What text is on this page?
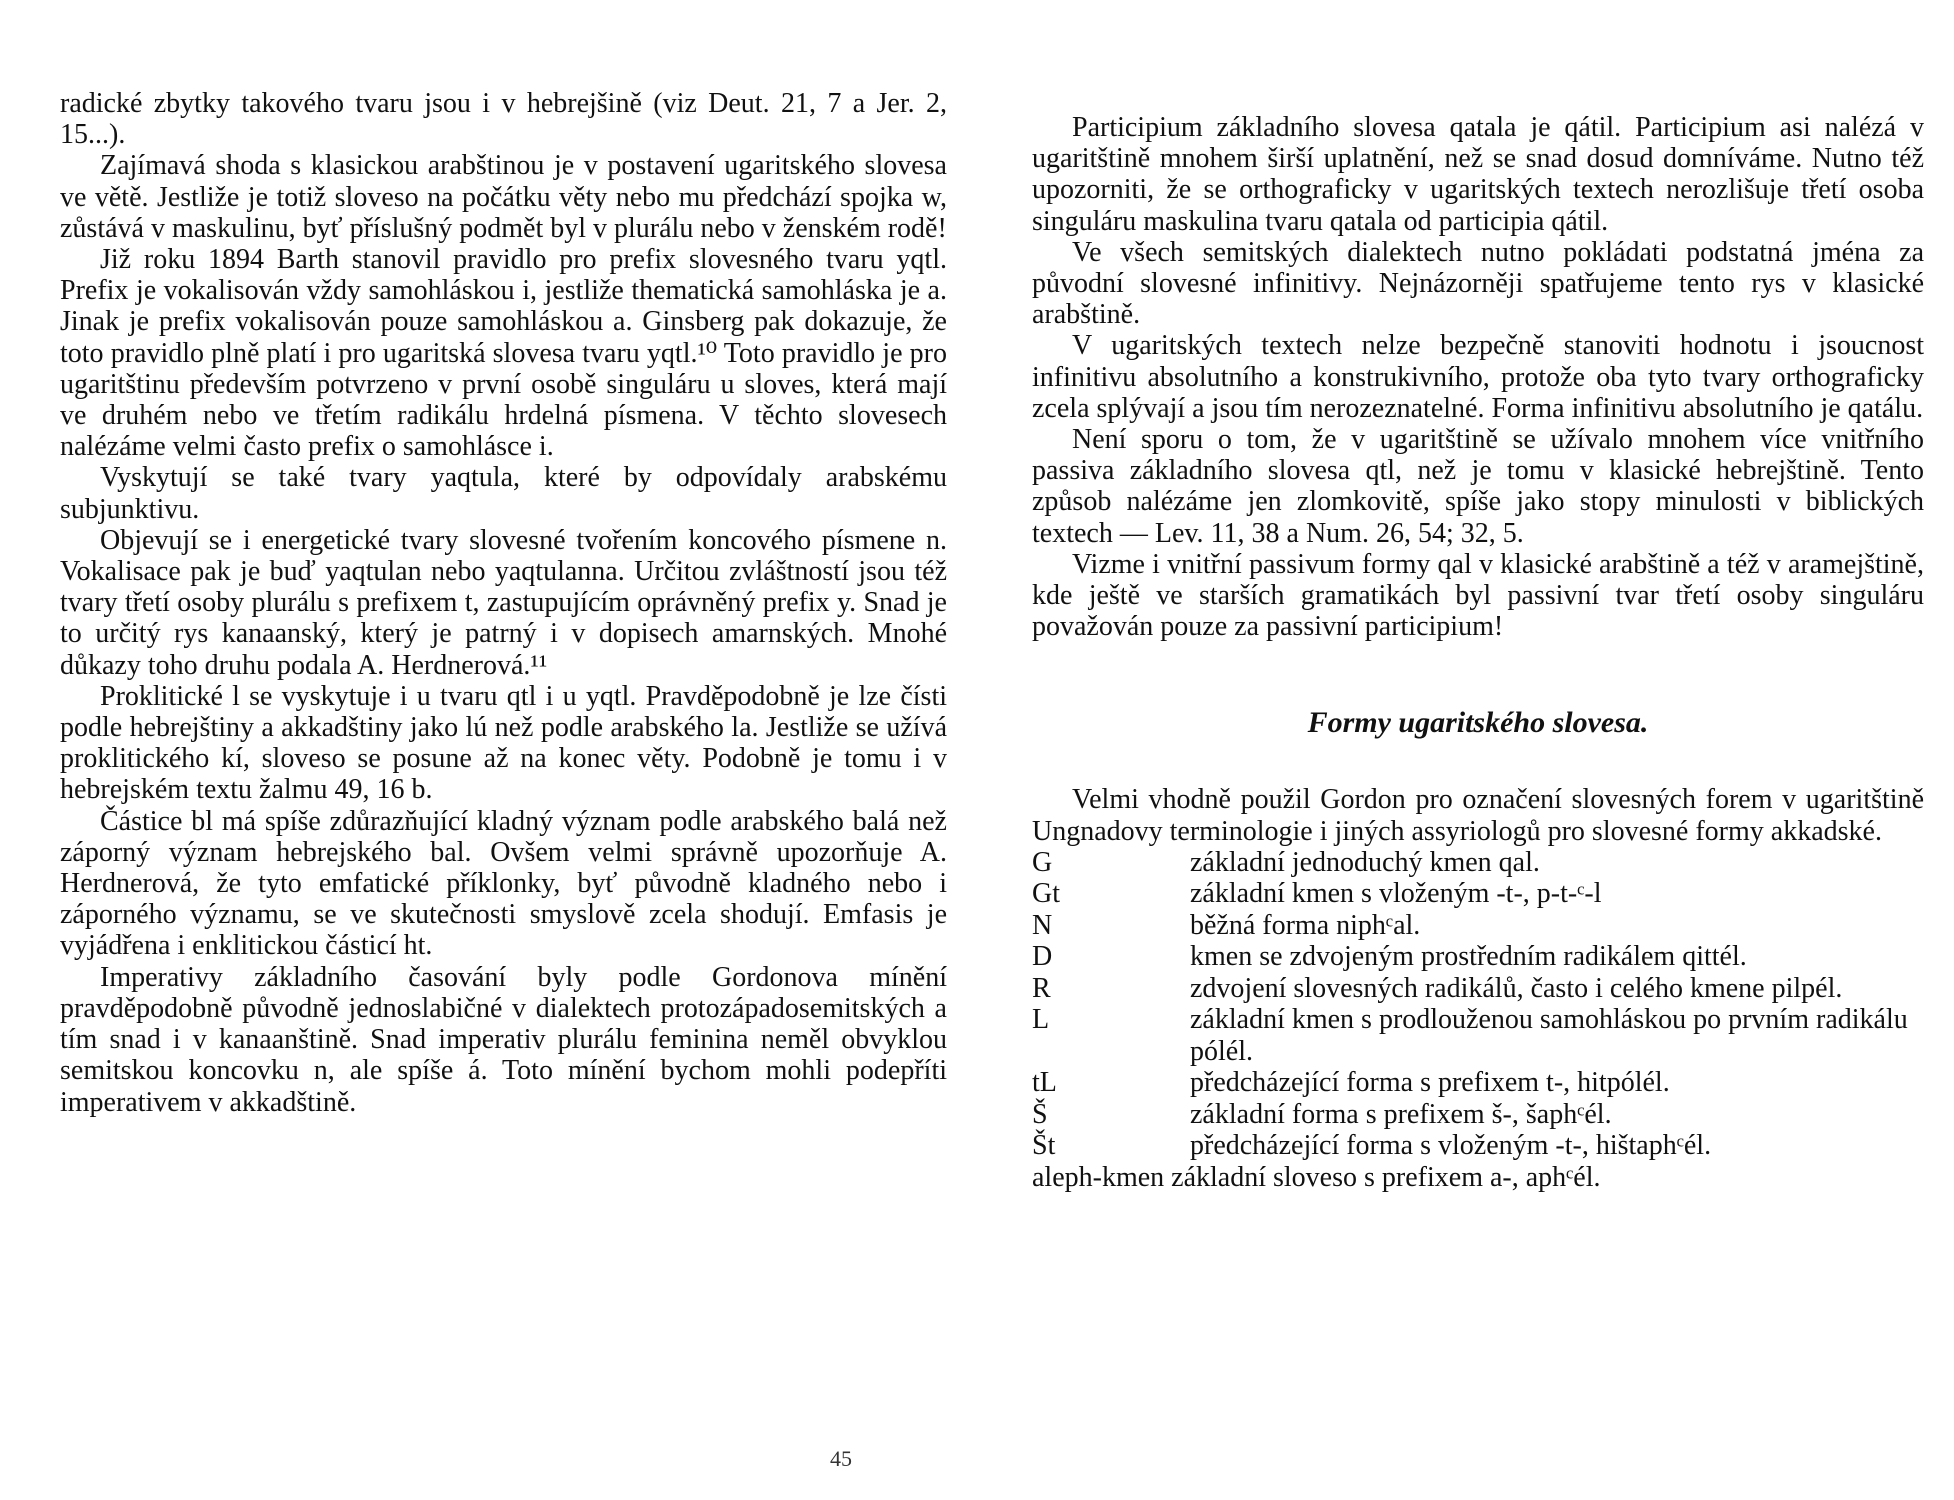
radické zbytky takového tvaru jsou i v hebrejšině (viz Deut. 21, 7 a Jer. 2, 15...).

Zajímavá shoda s klasickou arabštinou je v postavení ugaritského slovesa ve větě. Jestliže je totiž sloveso na počátku věty nebo mu předchází spojka w, zůstává v maskulinu, byť příslušný podmět byl v plurálu nebo v ženském rodě!

Již roku 1894 Barth stanovil pravidlo pro prefix slovesného tvaru yqtl. Prefix je vokalisován vždy samohláskou i, jestliže thematická samohláska je a. Jinak je prefix vokalisován pouze samohláskou a. Ginsberg pak dokazuje, že toto pravidlo plně platí i pro ugaritská slovesa tvaru yqtl.¹⁰ Toto pravidlo je pro ugaritštinu především potvrzeno v první osobě singuláru u sloves, která mají ve druhém nebo ve třetím radikálu hrdelná písmena. V těchto slovesech nalézáme velmi často prefix o samohlásce i.

Vyskytují se také tvary yaqtula, které by odpovídaly arabskému subjunktivu.

Objevují se i energetické tvary slovesné tvořením koncového písmene n. Vokalisace pak je buď yaqtulan nebo yaqtulanna. Určitou zvláštností jsou též tvary třetí osoby plurálu s prefixem t, zastupujícím oprávněný prefix y. Snad je to určitý rys kanaanský, který je patrný i v dopisech amarnských. Mnohé důkazy toho druhu podala A. Herdnerová.¹¹

Proklitické l se vyskytuje i u tvaru qtl i u yqtl. Pravděpodobně je lze čísti podle hebrejštiny a akkadštiny jako lú než podle arabského la. Jestliže se užívá proklitického kí, sloveso se posune až na konec věty. Podobně je tomu i v hebrejském textu žalmu 49, 16 b.

Částice bl má spíše zdůrazňující kladný význam podle arabského balá než záporný význam hebrejského bal. Ovšem velmi správně upozorňuje A. Herdnerová, že tyto emfatické příklonky, byť původně kladného nebo i záporného významu, se ve skutečnosti smyslově zcela shodují. Emfasis je vyjádřena i enklitickou částicí ht.

Imperativy základního časování byly podle Gordonova mínění pravděpodobně původně jednoslabičné v dialektech protozápadosemitských a tím snad i v kanaanštině. Snad imperativ plurálu feminina neměl obvyklou semitskou koncovku n, ale spíše á. Toto mínění bychom mohli podepříti imperativem v akkadštině.

45

Participium základního slovesa qatala je qátil. Participium asi nalézá v ugaritštině mnohem širší uplatnění, než se snad dosud domníváme. Nutno též upozorniti, že se orthograficky v ugaritských textech nerozlišuje třetí osoba singuláru maskulina tvaru qatala od participia qátil.

Ve všech semitských dialektech nutno pokládati podstatná jména za původní slovesné infinitivy. Nejnázorněji spatřujeme tento rys v klasické arabštině.

V ugaritských textech nelze bezpečně stanoviti hodnotu i jsoucnost infinitivu absolutního a konstrukivního, protože oba tyto tvary orthograficky zcela splývají a jsou tím nerozeznatelné. Forma infinitivu absolutního je qatálu.

Není sporu o tom, že v ugaritštině se užívalo mnohem více vnitřního passiva základního slovesa qtl, než je tomu v klasické hebrejštině. Tento způsob nalézáme jen zlomkovitě, spíše jako stopy minulosti v biblických textech — Lev. 11, 38 a Num. 26, 54; 32, 5.

Vizme i vnitřní passivum formy qal v klasické arabštině a též v aramejštině, kde ještě ve starších gramatikách byl passivní tvar třetí osoby singuláru považován pouze za passivní participium!

Formy ugaritského slovesa.

Velmi vhodně použil Gordon pro označení slovesných forem v ugaritštině Ungnadovy terminologie i jiných assyriologů pro slovesné formy akkadské.

G	základní jednoduchý kmen qal.
Gt	základní kmen s vloženým -t-, p-t-ᶜ-l
N	běžná forma niphᶜal.
D	kmen se zdvojeným prostředním radikálem qittél.
R	zdvojení slovesných radikálů, často i celého kmene pilpél.
L	základní kmen s prodlouženou samohláskou po prvním radikálu pólél.
tL	předcházející forma s prefixem t-, hitpólél.
Š	základní forma s prefixem š-, šaphᶜél.
Št	předcházející forma s vloženým -t-, hištaphᶜél.
aleph-kmen základní sloveso s prefixem a-, aphᶜél.
